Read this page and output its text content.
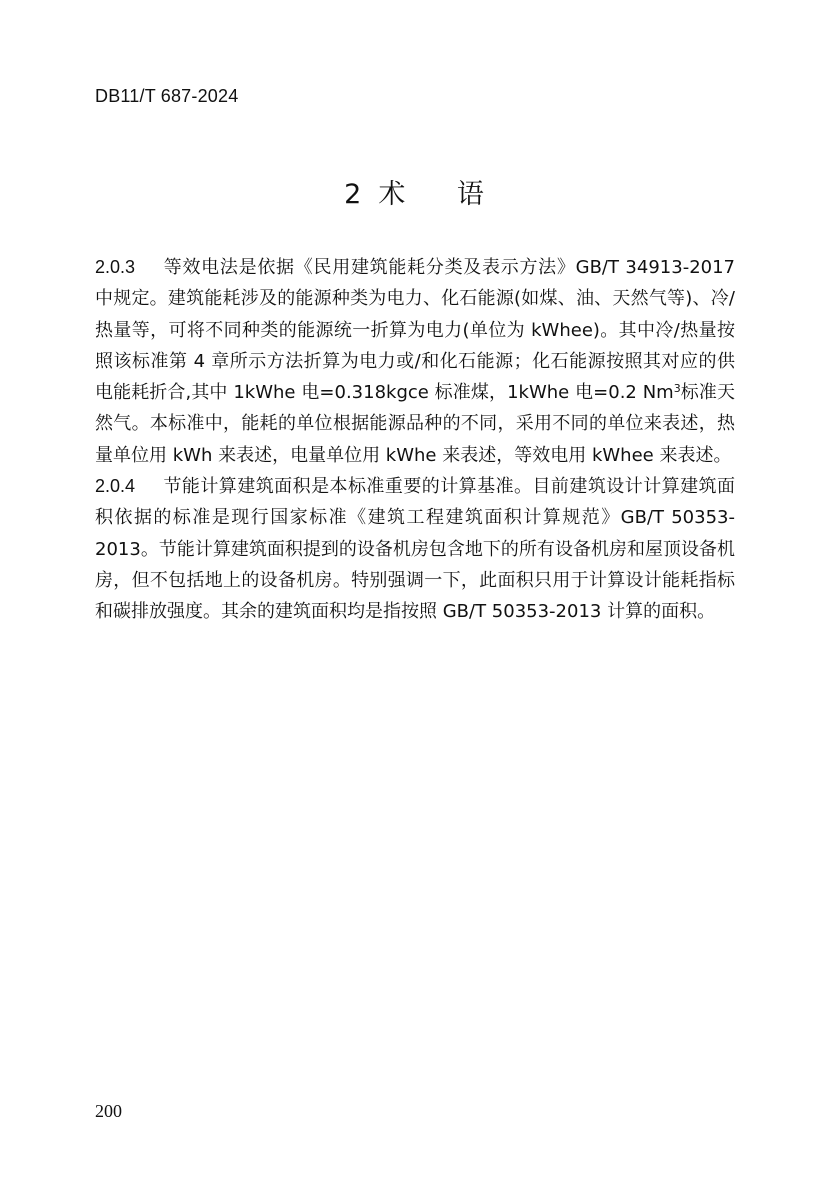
DB11/T 687-2024
2  术      语

2.0.3 等效电法是依据《民用建筑能耗分类及表示方法》GB/T 34913-2017 中规定。建筑能耗涉及的能源种类为电力、化石能源(如煤、油、天然气等)、冷/热量等，可将不同种类的能源统一折算为电力(单位为 kWhee)。其中冷/热量按照该标准第 4 章所示方法折算为电力或/和化石能源；化石能源按照其对应的供电能耗折合,其中 1kWhe 电=0.318kgce 标准煤，1kWhe 电=0.2 Nm$^3$标准天然气。本标准中，能耗的单位根据能源品种的不同，采用不同的单位来表述，热量单位用 kWh 来表述，电量单位用 kWhe 来表述，等效电用 kWhee 来表述。

2.0.4 节能计算建筑面积是本标准重要的计算基准。目前建筑设计计算建筑面积依据的标准是现行国家标准《建筑工程建筑面积计算规范》GB/T 50353-2013。节能计算建筑面积提到的设备机房包含地下的所有设备机房和屋顶设备机房，但不包括地上的设备机房。特别强调一下，此面积只用于计算设计能耗指标和碳排放强度。其余的建筑面积均是指按照 GB/T 50353-2013 计算的面积。

200
